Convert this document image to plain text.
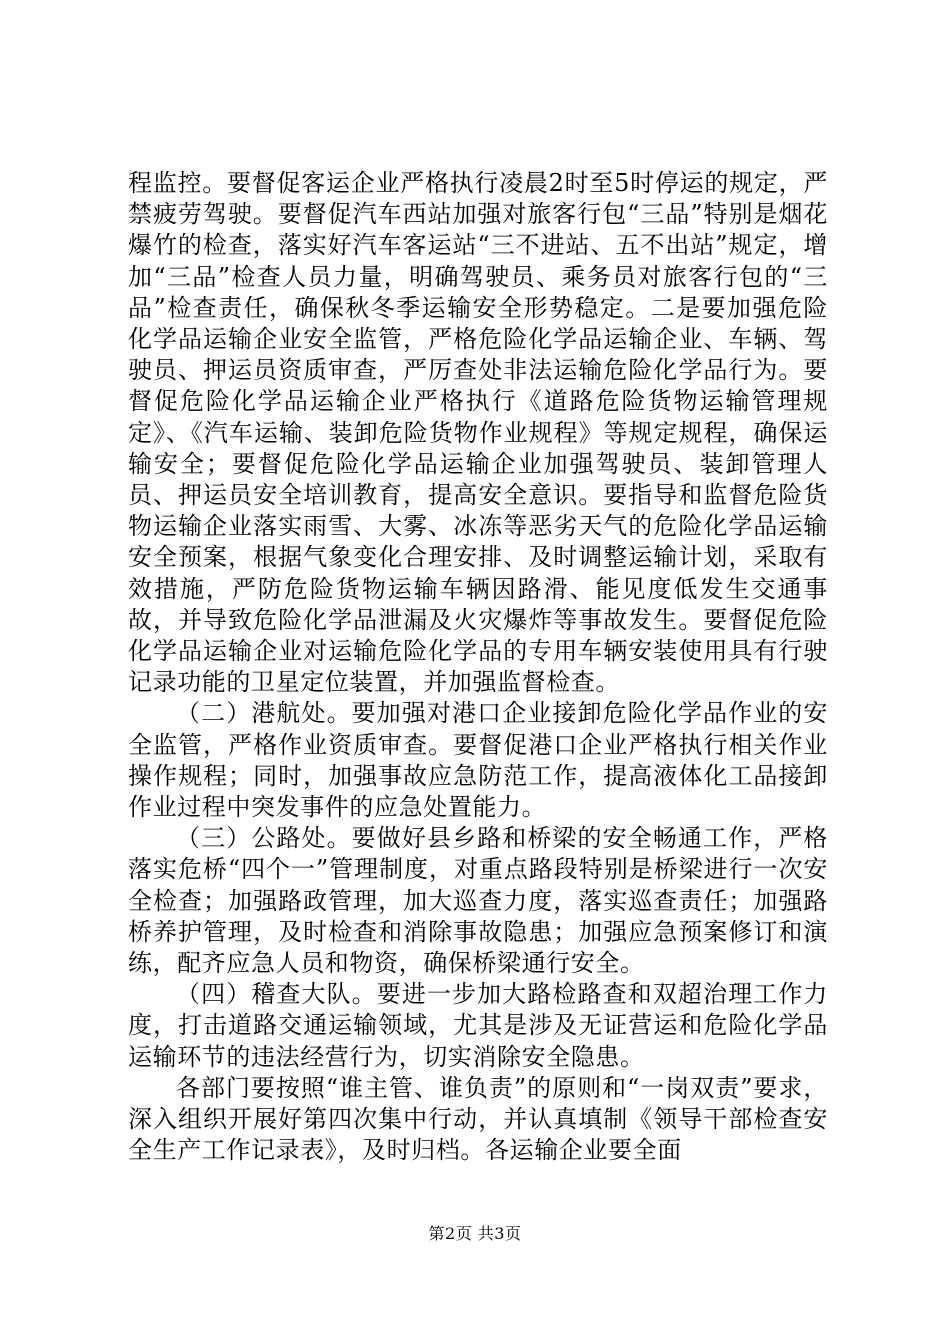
程监控。要督促客运企业严格执行凌晨2时至5时停运的规定，严禁疲劳驾驶。要督促汽车西站加强对旅客行包“三品”特别是烟花爆竹的检查，落实好汽车客运站“三不进站、五不出站”规定，增加“三品”检查人员力量，明确驾驶员、乘务员对旅客行包的“三品”检查责任，确保秋冬季运输安全形势稳定。二是要加强危险化学品运输企业安全监管，严格危险化学品运输企业、车辆、驾驶员、押运员资质审查，严厉查处非法运输危险化学品行为。要督促危险化学品运输企业严格执行《道路危险货物运输管理规定》、《汽车运输、装卸危险货物作业规程》等规定规程，确保运输安全；要督促危险化学品运输企业加强驾驶员、装卸管理人员、押运员安全培训教育，提高安全意识。要指导和监督危险货物运输企业落实雨雪、大雾、冰冻等恶劣天气的危险化学品运输安全预案，根据气象变化合理安排、及时调整运输计划，采取有效措施，严防危险货物运输车辆因路滑、能见度低发生交通事故，并导致危险化学品泄漏及火灾爆炸等事故发生。要督促危险化学品运输企业对运输危险化学品的专用车辆安装使用具有行驶记录功能的卫星定位装置，并加强监督检查。

（二）港航处。要加强对港口企业接卸危险化学品作业的安全监管，严格作业资质审查。要督促港口企业严格执行相关作业操作规程；同时，加强事故应急防范工作，提高液体化工品接卸作业过程中突发事件的应急处置能力。

（三）公路处。要做好县乡路和桥梁的安全畅通工作，严格落实危桥“四个一”管理制度，对重点路段特别是桥梁进行一次安全检查；加强路政管理，加大巡查力度，落实巡查责任；加强路桥养护管理，及时检查和消除事故隐患；加强应急预案修订和演练，配齐应急人员和物资，确保桥梁通行安全。

（四）稽查大队。要进一步加大路检路查和双超治理工作力度，打击道路交通运输领域，尤其是涉及无证营运和危险化学品运输环节的违法经营行为，切实消除安全隐患。

各部门要按照“谁主管、谁负责”的原则和“一岗双责”要求，深入组织开展好第四次集中行动，并认真填制《领导干部检查安全生产工作记录表》，及时归档。各运输企业要全面

第2页 共3页
